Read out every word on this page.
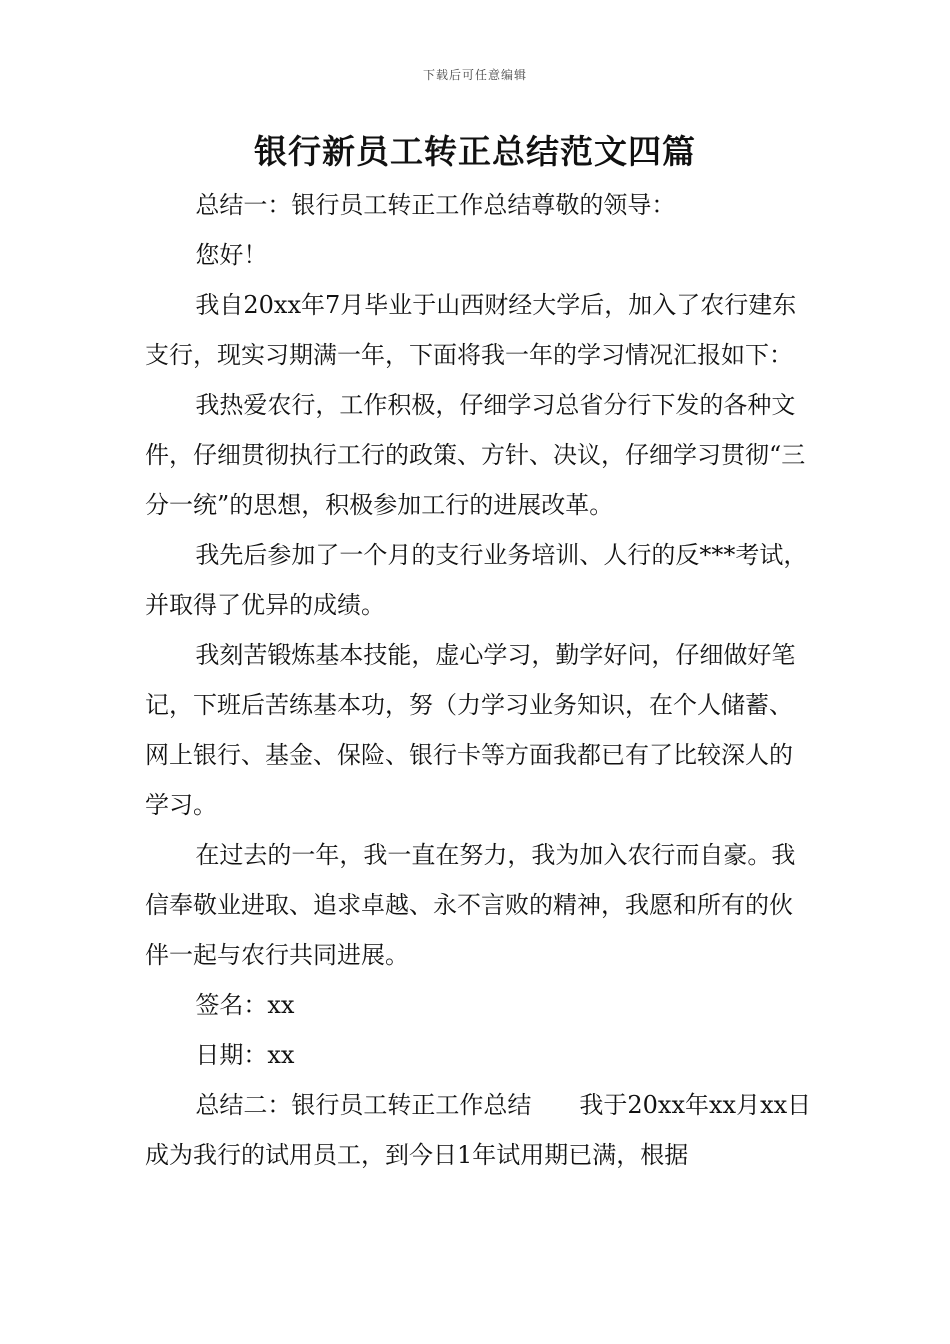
下载后可任意编辑
银行新员工转正总结范文四篇

总结一：银行员工转正工作总结尊敬的领导：

您好！

我自20xx年7月毕业于山西财经大学后，加入了农行建东支行，现实习期满一年，下面将我一年的学习情况汇报如下：

我热爱农行，工作积极，仔细学习总省分行下发的各种文件，仔细贯彻执行工行的政策、方针、决议，仔细学习贯彻“三分一统”的思想，积极参加工行的进展改革。

我先后参加了一个月的支行业务培训、人行的反***考试，并取得了优异的成绩。

我刻苦锻炼基本技能，虚心学习，勤学好问，仔细做好笔记，下班后苦练基本功，努（力学习业务知识，在个人储蓄、网上银行、基金、保险、银行卡等方面我都已有了比较深人的学习。

在过去的一年，我一直在努力，我为加入农行而自豪。我信奉敬业进取、追求卓越、永不言败的精神，我愿和所有的伙伴一起与农行共同进展。

签名：xx

日期：xx

总结二：银行员工转正工作总结　　我于20xx年xx月xx日成为我行的试用员工，到今日1年试用期已满，根据
